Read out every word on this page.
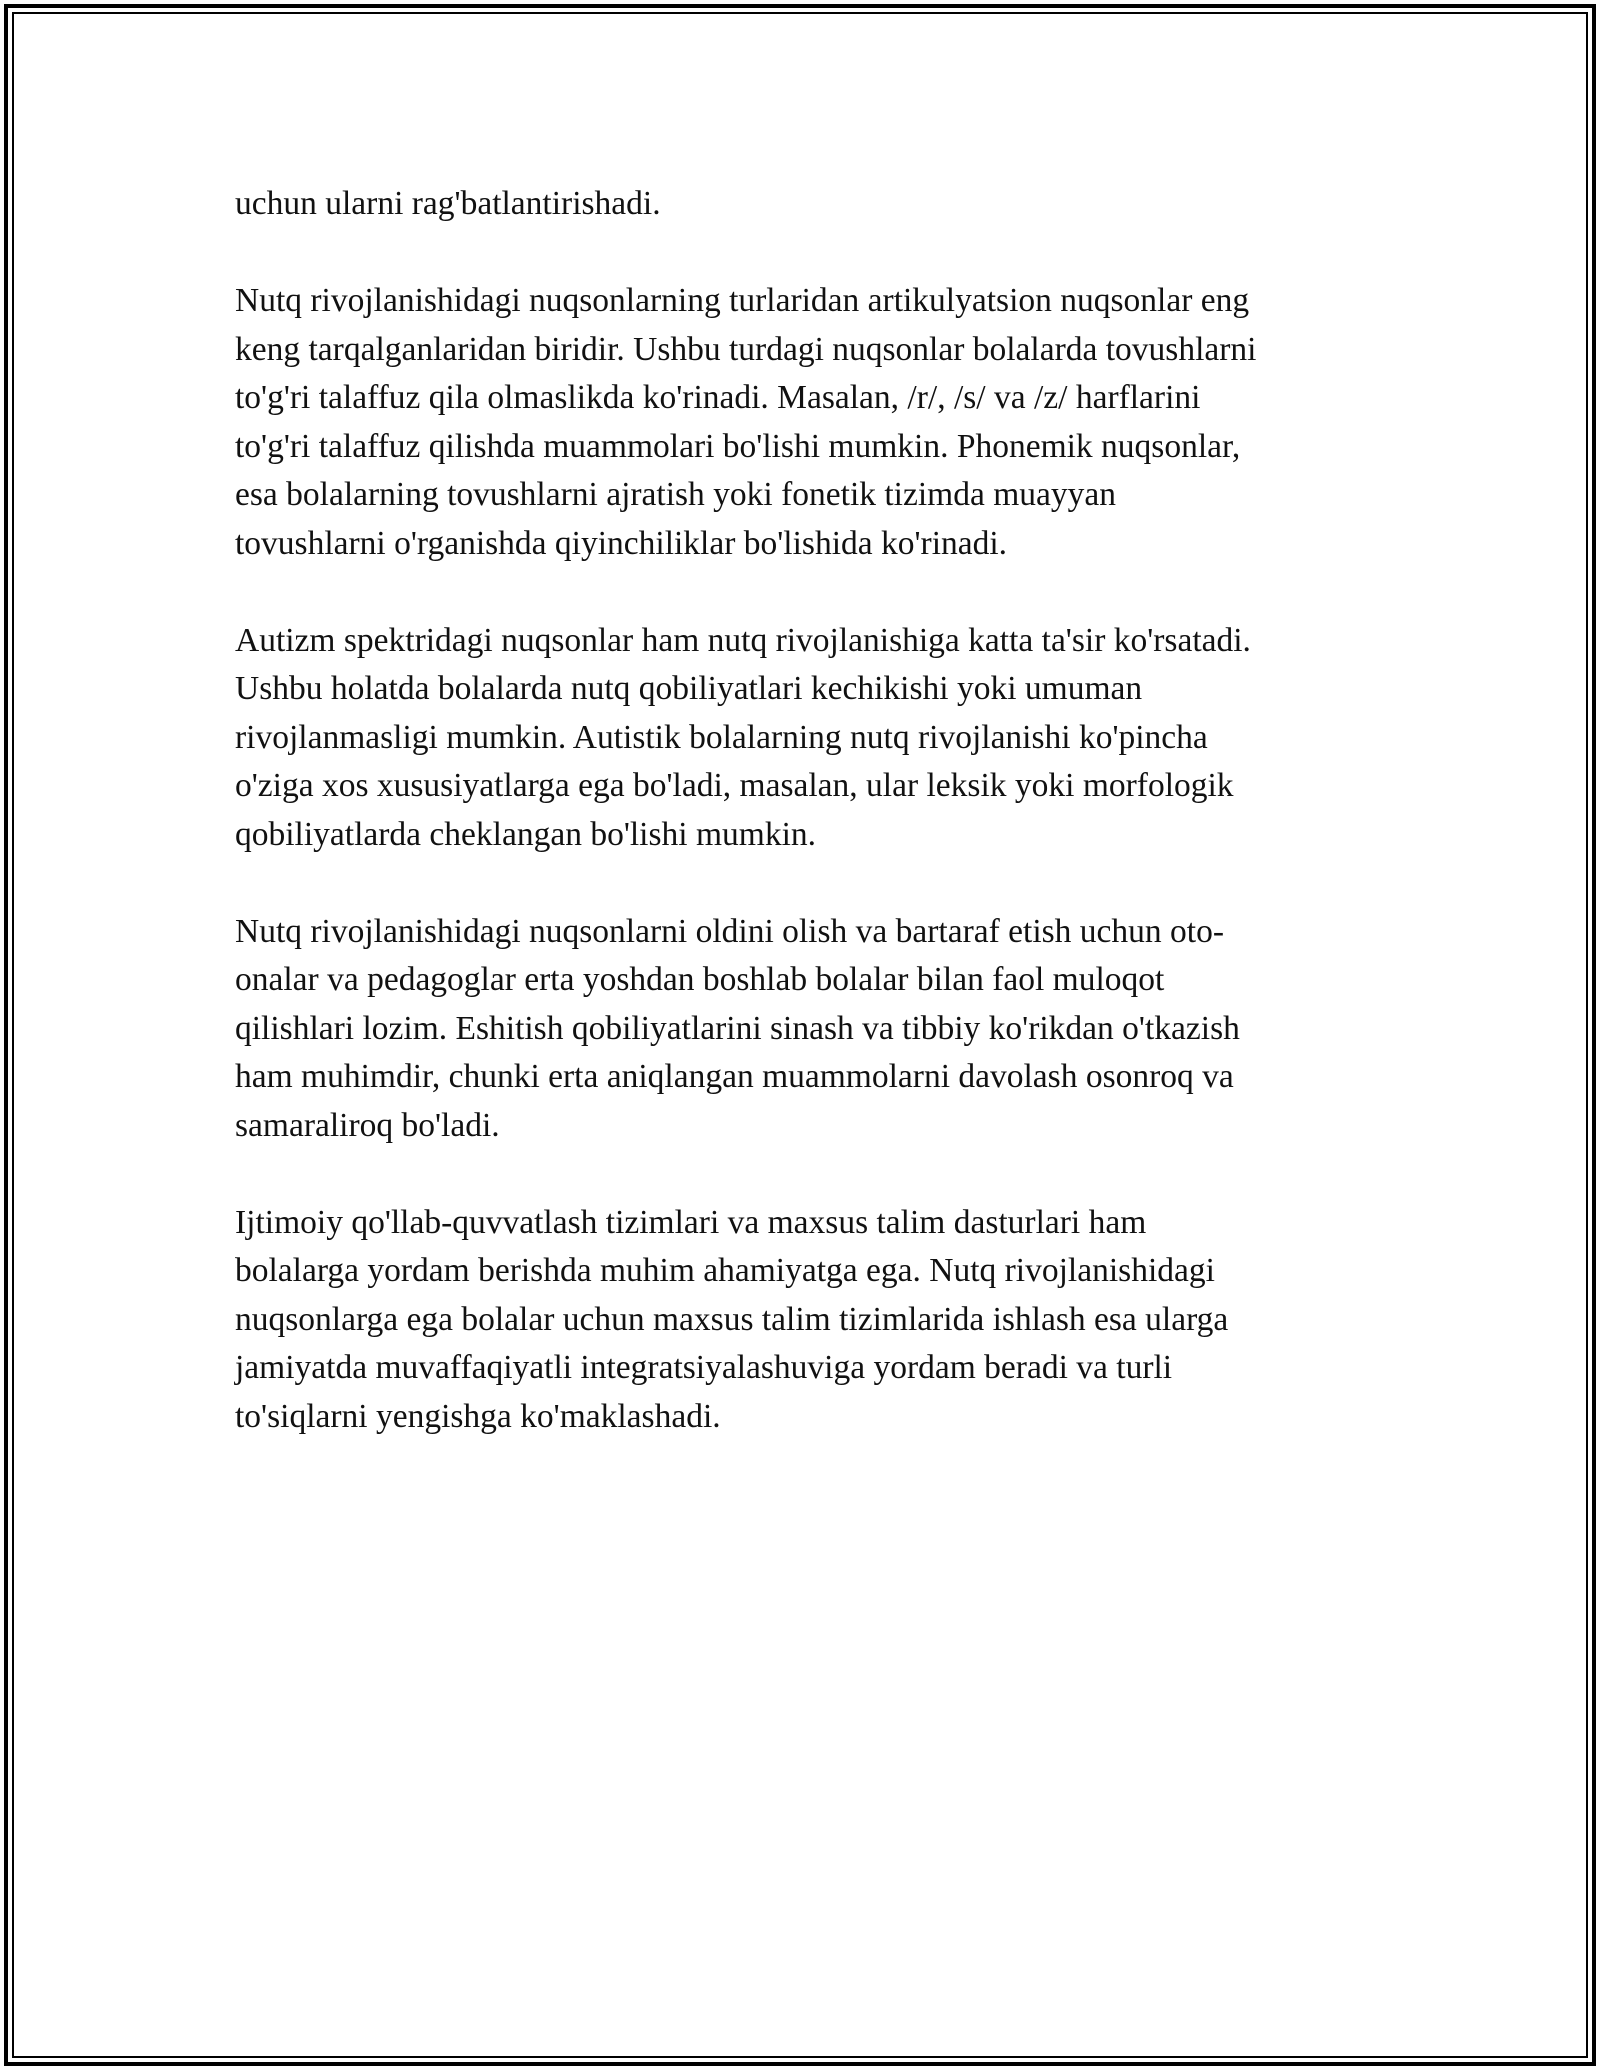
uchun ularni rag'batlantirishadi.

Nutq rivojlanishidagi nuqsonlarning turlaridan artikulyatsion nuqsonlar eng
keng tarqalganlaridan biridir. Ushbu turdagi nuqsonlar bolalarda tovushlarni
to'g'ri talaffuz qila olmaslikda ko'rinadi. Masalan, /r/, /s/ va /z/ harflarini
to'g'ri talaffuz qilishda muammolari bo'lishi mumkin. Phonemik nuqsonlar,
esa bolalarning tovushlarni ajratish yoki fonetik tizimda muayyan
tovushlarni o'rganishda qiyinchiliklar bo'lishida ko'rinadi.

Autizm spektridagi nuqsonlar ham nutq rivojlanishiga katta ta'sir ko'rsatadi.
Ushbu holatda bolalarda nutq qobiliyatlari kechikishi yoki umuman
rivojlanmasligi mumkin. Autistik bolalarning nutq rivojlanishi ko'pincha
o'ziga xos xususiyatlarga ega bo'ladi, masalan, ular leksik yoki morfologik
qobiliyatlarda cheklangan bo'lishi mumkin.

Nutq rivojlanishidagi nuqsonlarni oldini olish va bartaraf etish uchun oto-
onalar va pedagoglar erta yoshdan boshlab bolalar bilan faol muloqot
qilishlari lozim. Eshitish qobiliyatlarini sinash va tibbiy ko'rikdan o'tkazish
ham muhimdir, chunki erta aniqlangan muammolarni davolash osonroq va
samaraliroq bo'ladi.

Ijtimoiy qo'llab-quvvatlash tizimlari va maxsus talim dasturlari ham
bolalarga yordam berishda muhim ahamiyatga ega. Nutq rivojlanishidagi
nuqsonlarga ega bolalar uchun maxsus talim tizimlarida ishlash esa ularga
jamiyatda muvaffaqiyatli integratsiyalashuviga yordam beradi va turli
to'siqlarni yengishga ko'maklashadi.
